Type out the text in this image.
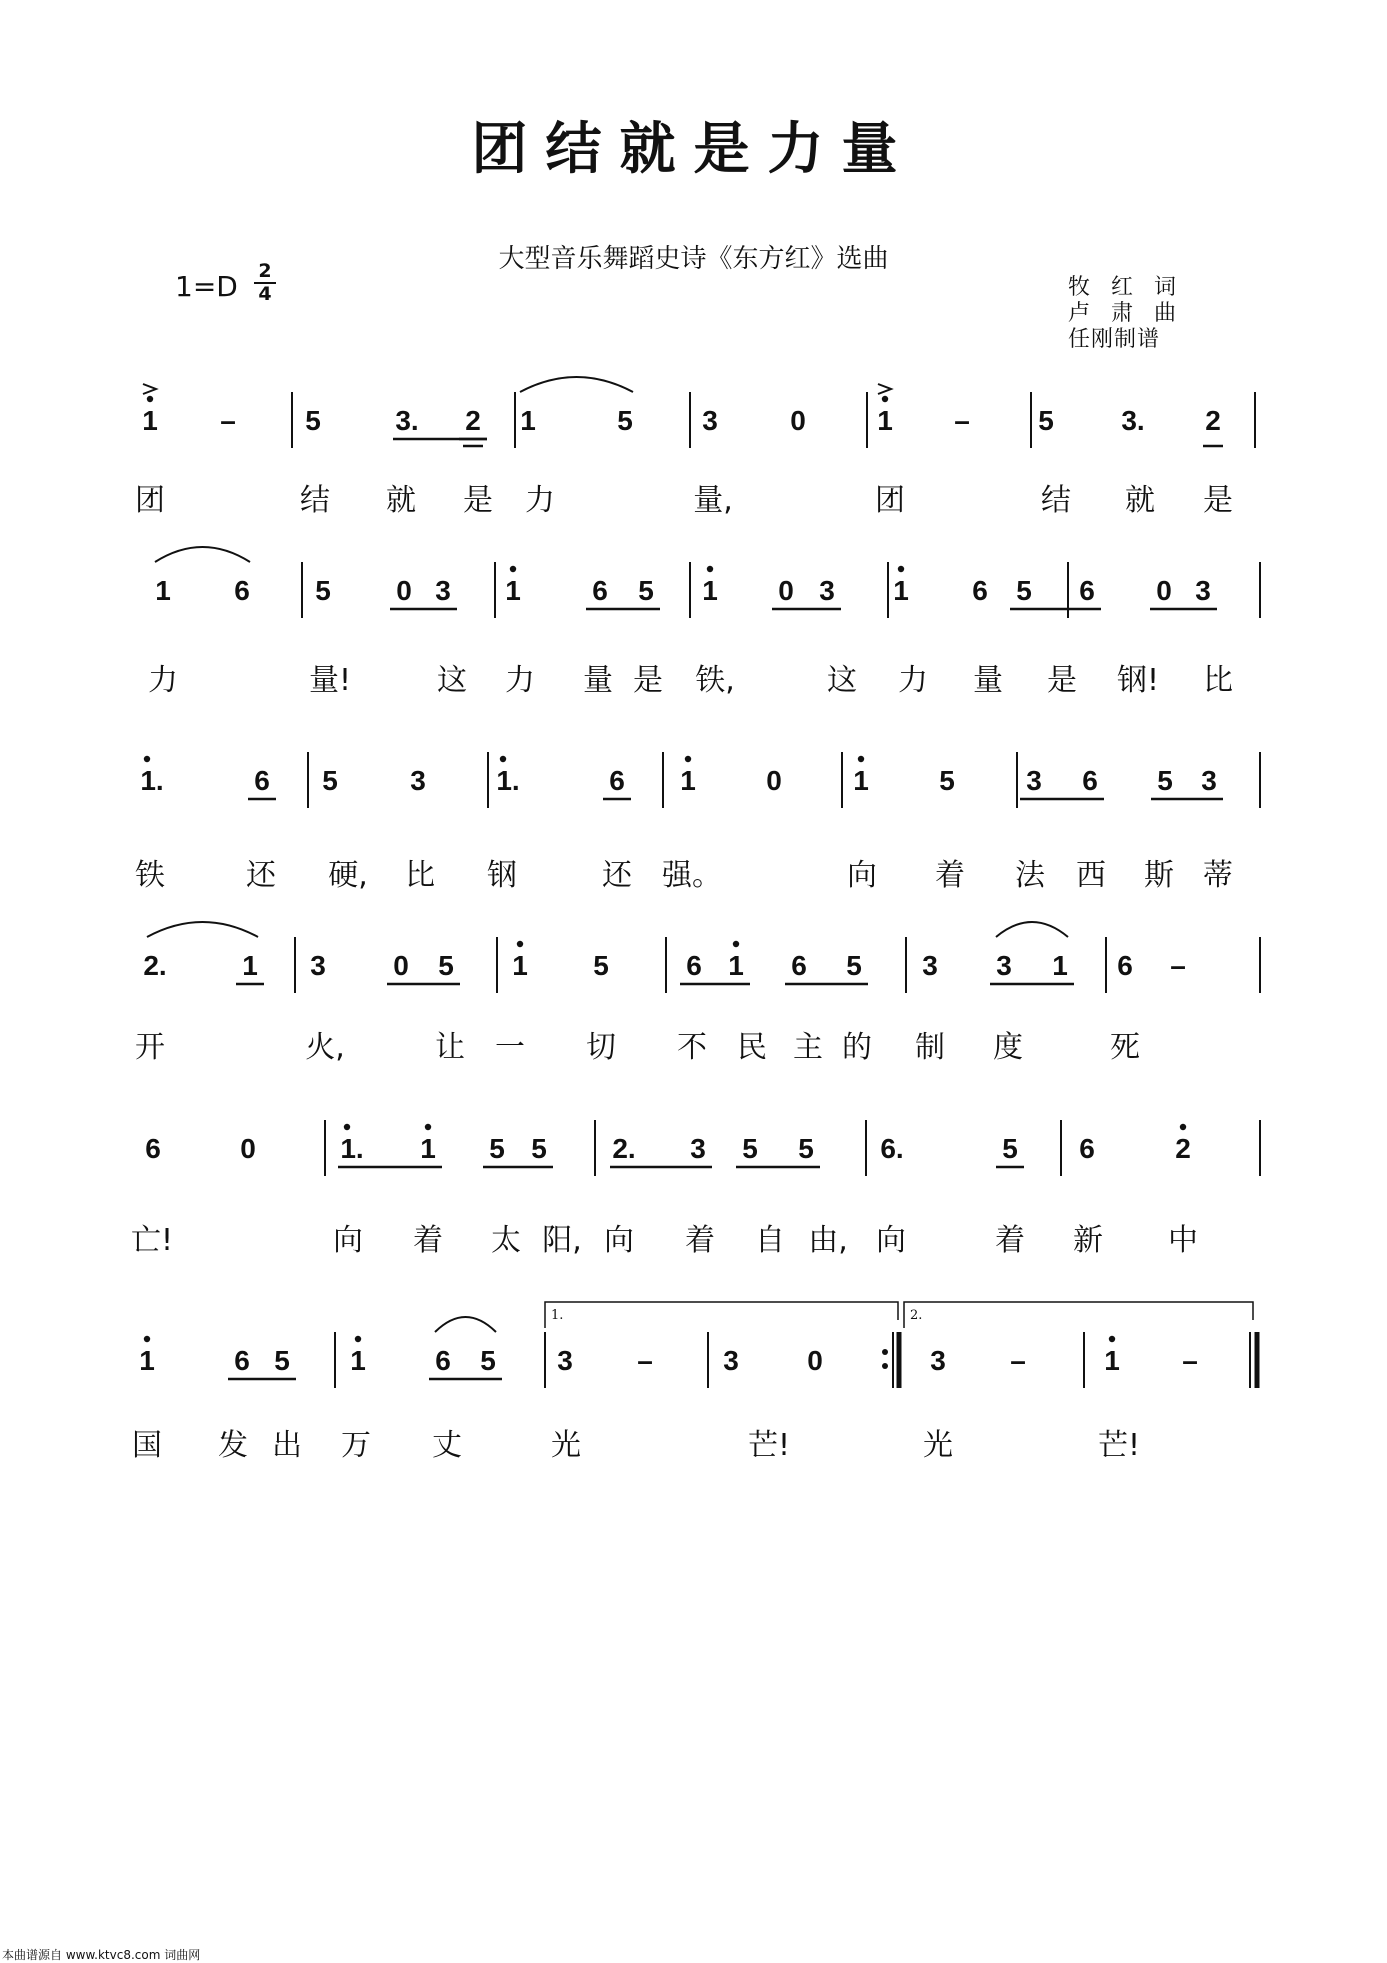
团结就是力量
大型音乐舞蹈史诗《东方红》选曲
1=D 2
4	牧 红 词
卢 肃 曲
任刚制谱
1 – 5	3. 2 1	5 3	0	1 – 5 3. 2
团	结 就 是 力	量,	团	结 就 是
1 6 5 0 3 1	6 5 1 0 3 1 6 5 6 0 3
力	量!	这 力 量 是 铁,	这 力 量 是 钢! 比
1.	6 5	3	1.	6 1	0	1	5	3 6 5 3
铁	还 硬, 比 钢	还 强。	向 着 法 西 斯 蒂
2.	1 3 0 5 1 5	6 1 6 5 3 3 1 6 –
开	火,	让 一 切 不 民 主 的 制 度	死
6	0	1. 1 5 5 2. 3 5 5 6.	5 6	2
亡!	向 着 太 阳, 向 着 自 由, 向	着 新 中
1	6 5 1 6 5 3 –	3 0	3 –	1 –
1.	2.
国 发 出 万 丈	光	芒!	光	芒!
本曲谱源自 www.ktvc8.com 词曲网
